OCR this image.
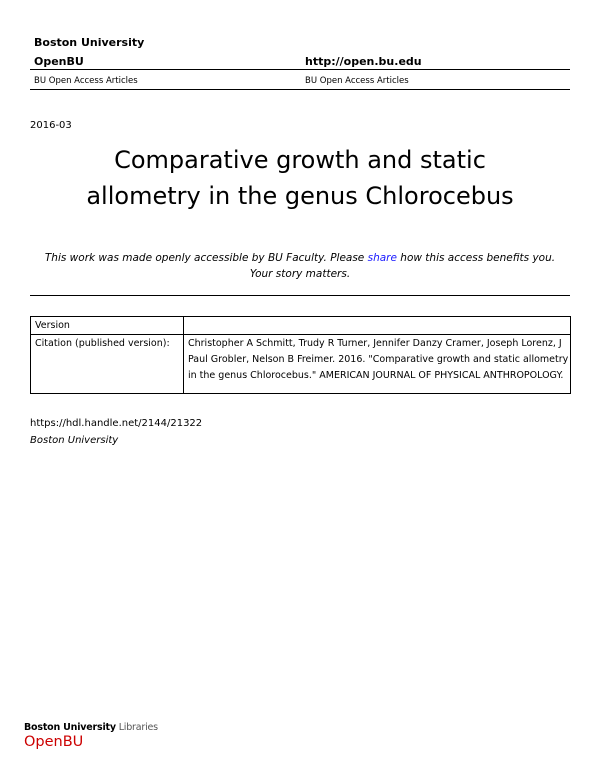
Boston University
OpenBU	http://open.bu.edu
BU Open Access Articles	BU Open Access Articles
2016-03
Comparative growth and static
allometry in the genus Chlorocebus
This work was made openly accessible by BU Faculty. Please share how this access benefits you.
Your story matters.
Version	

Citation (published version):	Christopher A Schmitt, Trudy R Turner, Jennifer Danzy Cramer, Joseph Lorenz, J Paul Grobler, Nelson B Freimer. 2016. "Comparative growth and static allometry in the genus Chlorocebus." AMERICAN JOURNAL OF PHYSICAL ANTHROPOLOGY.
https://hdl.handle.net/2144/21322
Boston University
Boston University Libraries
OpenBU
